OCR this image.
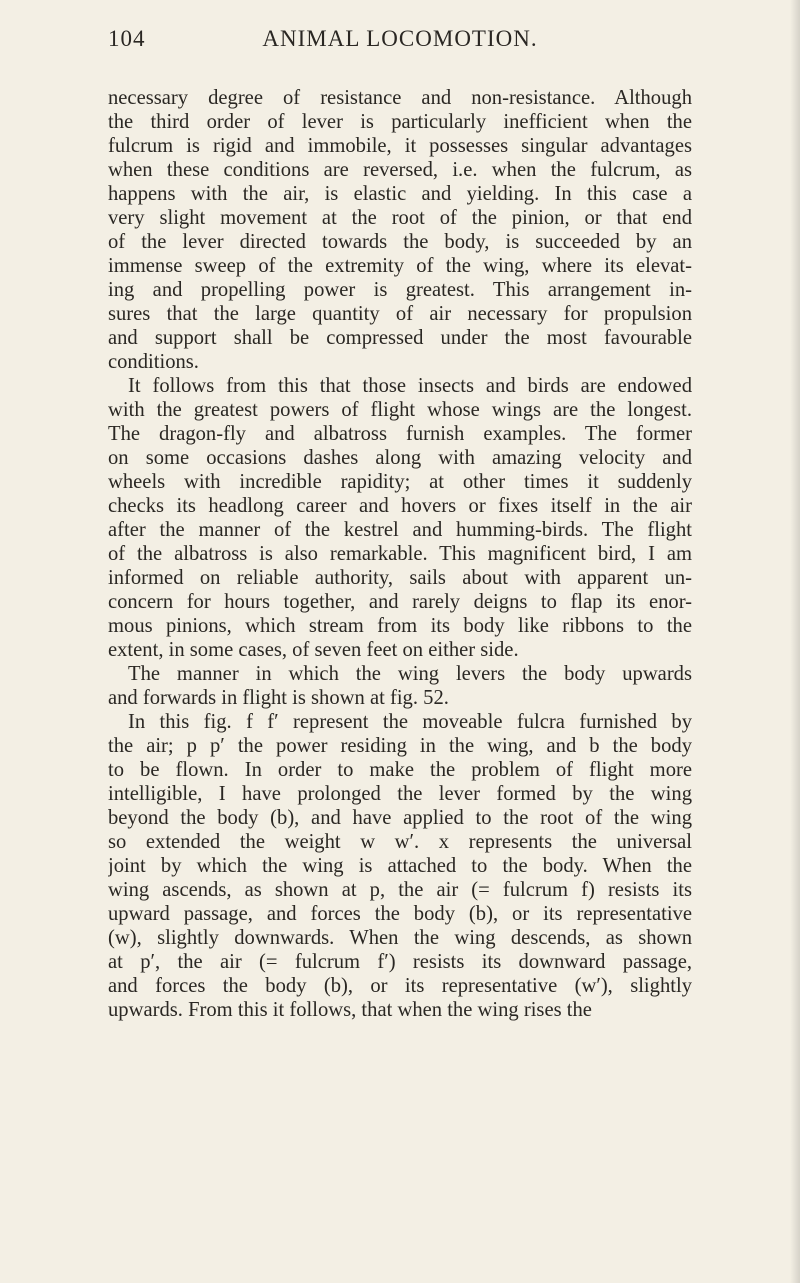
104	ANIMAL LOCOMOTION.
necessary degree of resistance and non-resistance. Although
the third order of lever is particularly inefficient when the
fulcrum is rigid and immobile, it possesses singular advantages
when these conditions are reversed, i.e. when the fulcrum, as
happens with the air, is elastic and yielding. In this case a
very slight movement at the root of the pinion, or that end
of the lever directed towards the body, is succeeded by an
immense sweep of the extremity of the wing, where its elevat-
ing and propelling power is greatest. This arrangement in-
sures that the large quantity of air necessary for propulsion
and support shall be compressed under the most favourable
conditions.
It follows from this that those insects and birds are endowed
with the greatest powers of flight whose wings are the longest.
The dragon-fly and albatross furnish examples. The former
on some occasions dashes along with amazing velocity and
wheels with incredible rapidity; at other times it suddenly
checks its headlong career and hovers or fixes itself in the air
after the manner of the kestrel and humming-birds. The flight
of the albatross is also remarkable. This magnificent bird, I am
informed on reliable authority, sails about with apparent un-
concern for hours together, and rarely deigns to flap its enor-
mous pinions, which stream from its body like ribbons to the
extent, in some cases, of seven feet on either side.
The manner in which the wing levers the body upwards
and forwards in flight is shown at fig. 52.
In this fig. f f′ represent the moveable fulcra furnished by
the air; p p′ the power residing in the wing, and b the body
to be flown. In order to make the problem of flight more
intelligible, I have prolonged the lever formed by the wing
beyond the body (b), and have applied to the root of the wing
so extended the weight w w′. x represents the universal
joint by which the wing is attached to the body. When the
wing ascends, as shown at p, the air (= fulcrum f) resists its
upward passage, and forces the body (b), or its representative
(w), slightly downwards. When the wing descends, as shown
at p′, the air (= fulcrum f′) resists its downward passage,
and forces the body (b), or its representative (w′), slightly
upwards. From this it follows, that when the wing rises the
